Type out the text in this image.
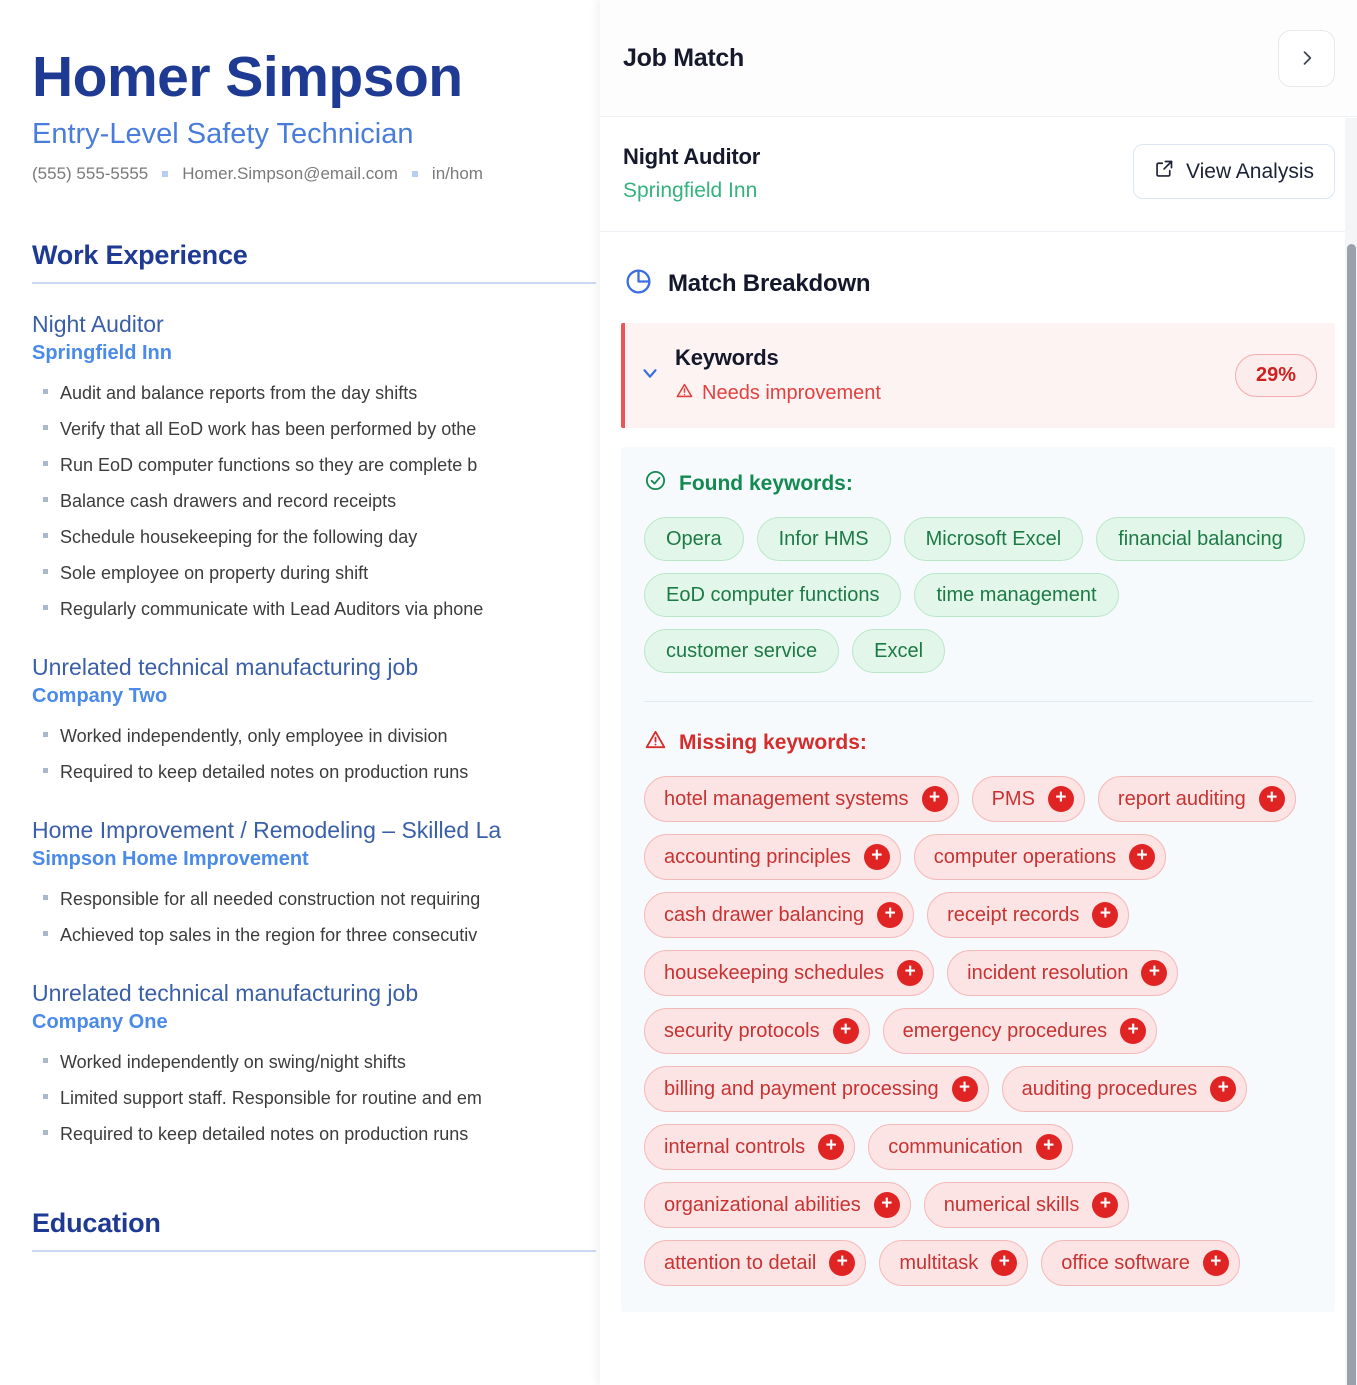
Homer Simpson
Entry-Level Safety Technician
(555) 555-5555 Homer.Simpson@email.com in/hom
Work Experience
Night Auditor
Springfield Inn
Audit and balance reports from the day shifts
Verify that all EoD work has been performed by othe
Run EoD computer functions so they are complete b
Balance cash drawers and record receipts
Schedule housekeeping for the following day
Sole employee on property during shift
Regularly communicate with Lead Auditors via phone
Unrelated technical manufacturing job
Company Two
Worked independently, only employee in division
Required to keep detailed notes on production runs
Home Improvement / Remodeling – Skilled La
Simpson Home Improvement
Responsible for all needed construction not requiring
Achieved top sales in the region for three consecutiv
Unrelated technical manufacturing job
Company One
Worked independently on swing/night shifts
Limited support staff. Responsible for routine and em
Required to keep detailed notes on production runs
Education
Job Match
Night Auditor
Springfield Inn
View Analysis
Match Breakdown
Keywords
Needs improvement
29%
Found keywords:
Opera	Infor HMS	Microsoft Excel	financial balancing
EoD computer functions	time management
customer service	Excel
Missing keywords:
hotel management systems	+	PMS	+	report auditing	+
accounting principles	+	computer operations	+
cash drawer balancing	+	receipt records	+
housekeeping schedules	+	incident resolution	+
security protocols	+	emergency procedures	+
billing and payment processing	+	auditing procedures	+
internal controls	+	communication	+
organizational abilities	+	numerical skills	+
attention to detail	+	multitask	+	office software	+
